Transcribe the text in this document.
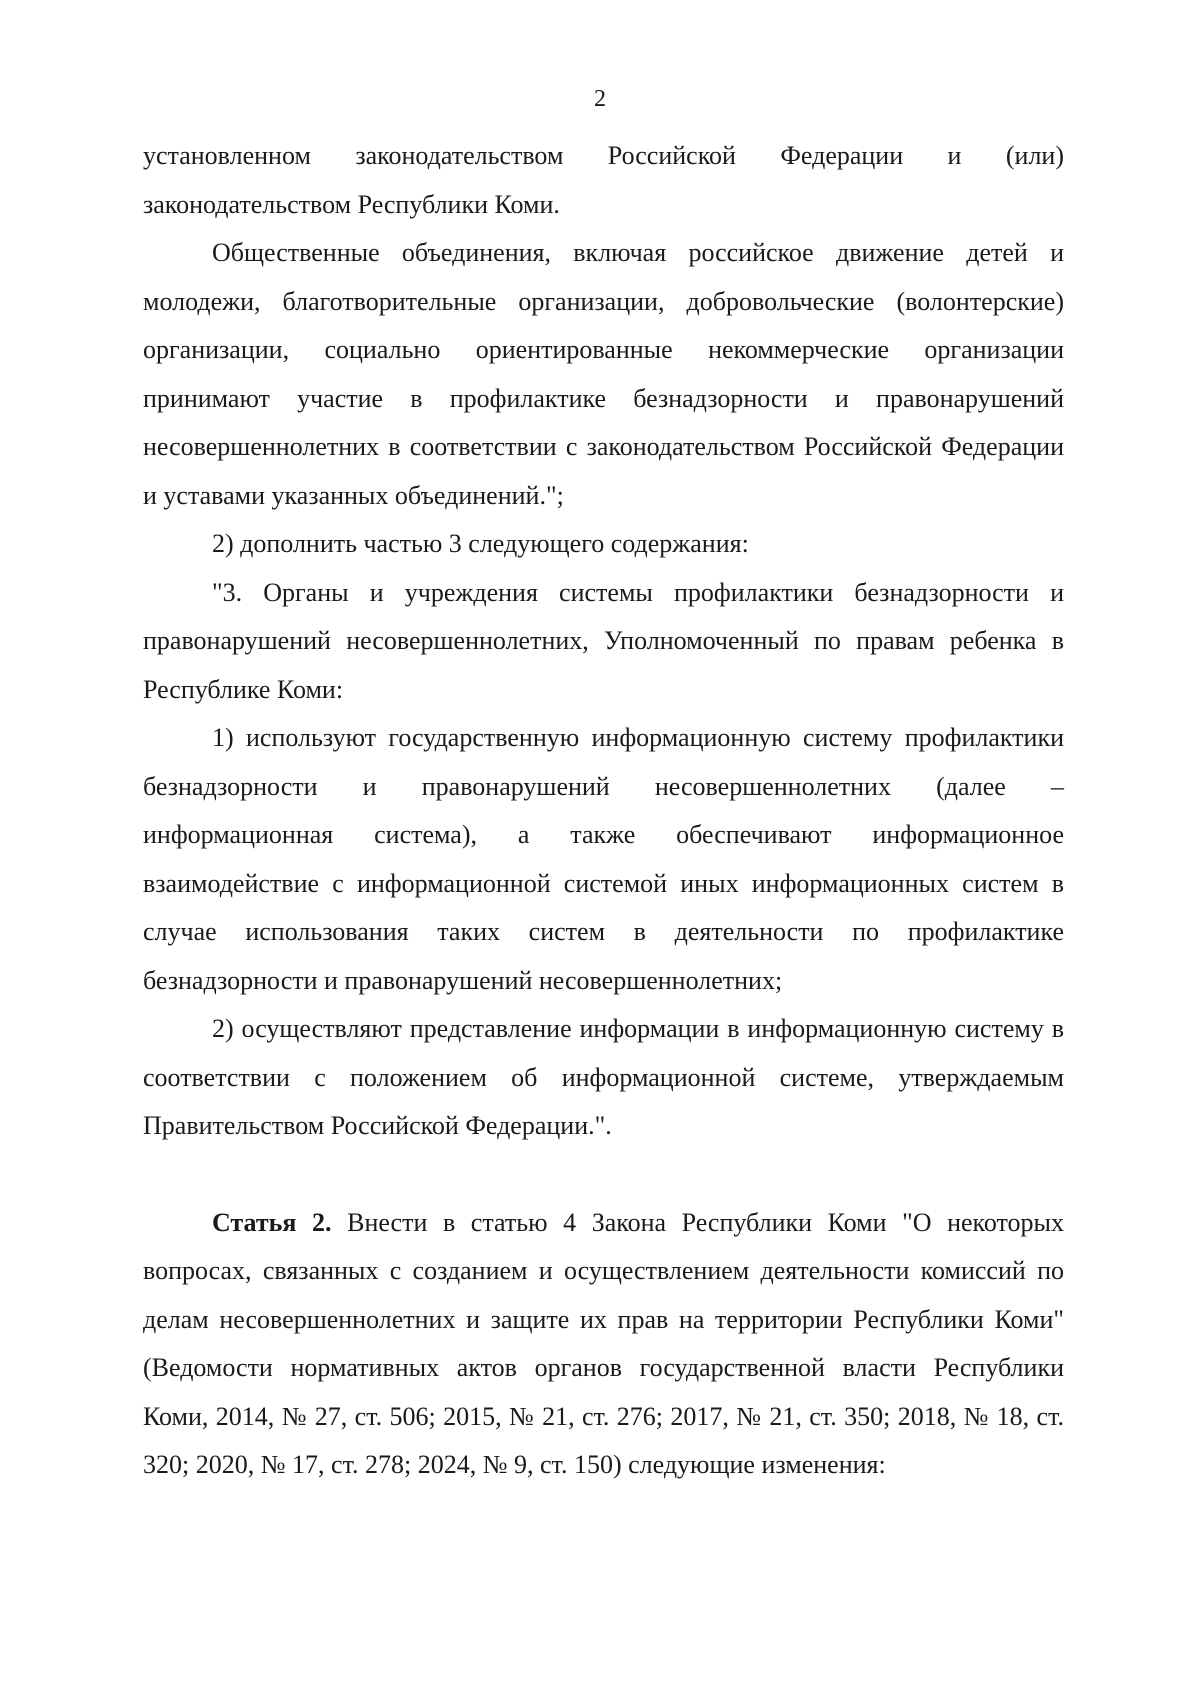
2

установленном законодательством Российской Федерации и (или) законодательством Республики Коми.

Общественные объединения, включая российское движение детей и молодежи, благотворительные организации, добровольческие (волонтерские) организации, социально ориентированные некоммерческие организации принимают участие в профилактике безнадзорности и правонарушений несовершеннолетних в соответствии с законодательством Российской Федерации и уставами указанных объединений.";

2) дополнить частью 3 следующего содержания:

"3. Органы и учреждения системы профилактики безнадзорности и правонарушений несовершеннолетних, Уполномоченный по правам ребенка в Республике Коми:

1) используют государственную информационную систему профилактики безнадзорности и правонарушений несовершеннолетних (далее – информационная система), а также обеспечивают информационное взаимодействие с информационной системой иных информационных систем в случае использования таких систем в деятельности по профилактике безнадзорности и правонарушений несовершеннолетних;

2) осуществляют представление информации в информационную систему в соответствии с положением об информационной системе, утверждаемым Правительством Российской Федерации.".

Статья 2. Внести в статью 4 Закона Республики Коми "О некоторых вопросах, связанных с созданием и осуществлением деятельности комиссий по делам несовершеннолетних и защите их прав на территории Республики Коми" (Ведомости нормативных актов органов государственной власти Республики Коми, 2014, № 27, ст. 506; 2015, № 21, ст. 276; 2017, № 21, ст. 350; 2018, № 18, ст. 320; 2020, № 17, ст. 278; 2024, № 9, ст. 150) следующие изменения:
